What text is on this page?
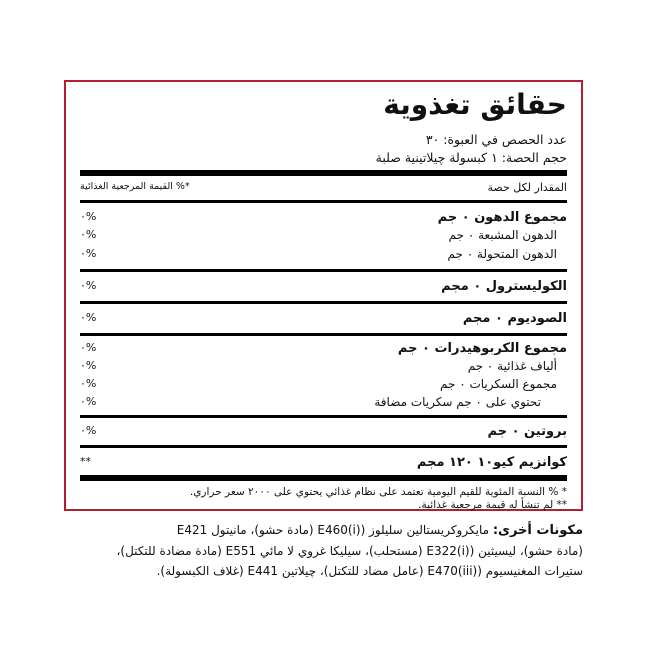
حقائق تغذوية
عدد الحصص في العبوة: ٣٠
حجم الحصة: ١ كبسولة چيلاتينية صلبة
المقدار لكل حصة
القيمة المرجعية الغذائية %*
مجموع الدهون ٠ جم
٠%
الدهون المشبعة ٠ جم
٠%
الدهون المتحولة ٠ جم
٠%
الكوليسترول ٠ مجم
٠%
الصوديوم ٠ مجم
٠%
مجموع الكربوهيدرات ٠ جم
٠%
ألياف غذائية ٠ جم
٠%
مجموع السكريات ٠ جم
٠%
تحتوي على ٠ جم سكريات مضافة
٠%
بروتين ٠ جم
٠%
كوانزيم كيو١٠ ١٢٠ مجم
**
* % النسبة المئوية للقيم اليومية تعتمد على نظام غذائي يحتوي على ٢٠٠٠ سعر حراري.
** لم تنشأ له قيمة مرجعية غذائية.
مكونات أخرى: مايكروكريستالين سليلوز (E460(i) (مادة حشو)، مانيتول E421
(مادة حشو)، ليسيثين (E322(i) (مستحلب)، سيليكا غروي لا مائي E551 (مادة مضادة للتكتل)،
ستيرات المغنيسيوم (E470(iii) (عامل مضاد للتكتل)، چيلاتين E441 (غلاف الكبسولة).
